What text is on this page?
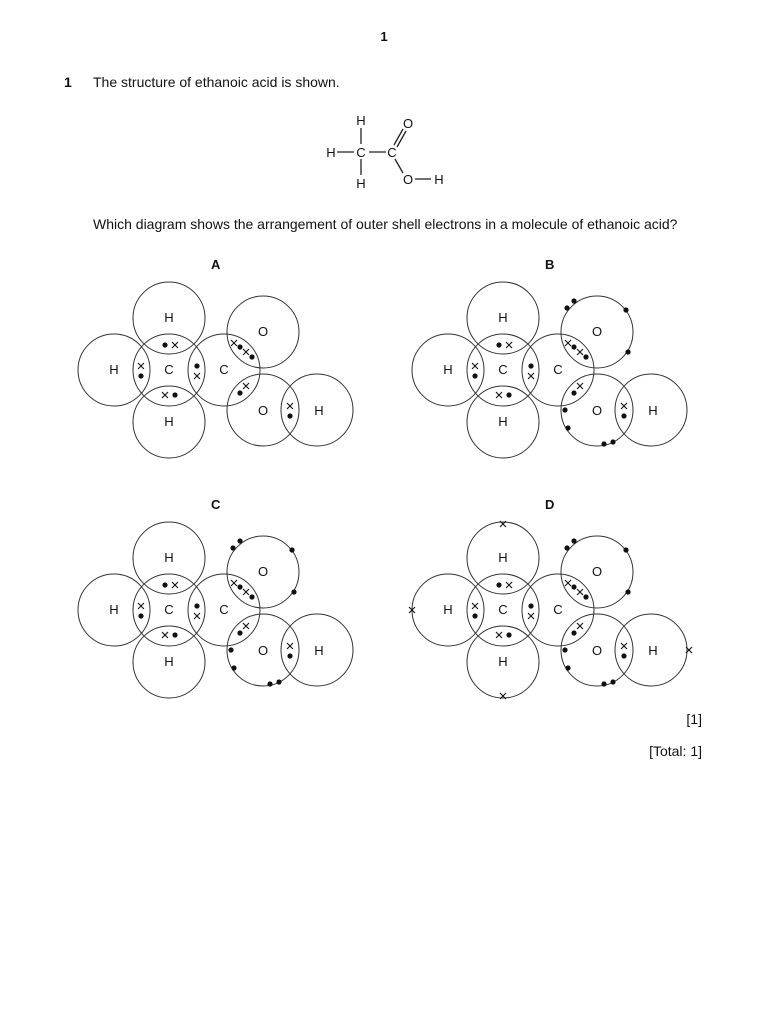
1
1 The structure of ethanoic acid is shown.
H
H C C
O
H
O
H
Which diagram shows the arrangement of outer shell electrons in a molecule of ethanoic acid?
A	B
C	D
H
H
H
C	C
O
O	H
H
H
H
C	C
O
O	H
H
H
H
C	C
O
O	H
H
H
H
C	C
O
O	H
[1]
[Total: 1]
